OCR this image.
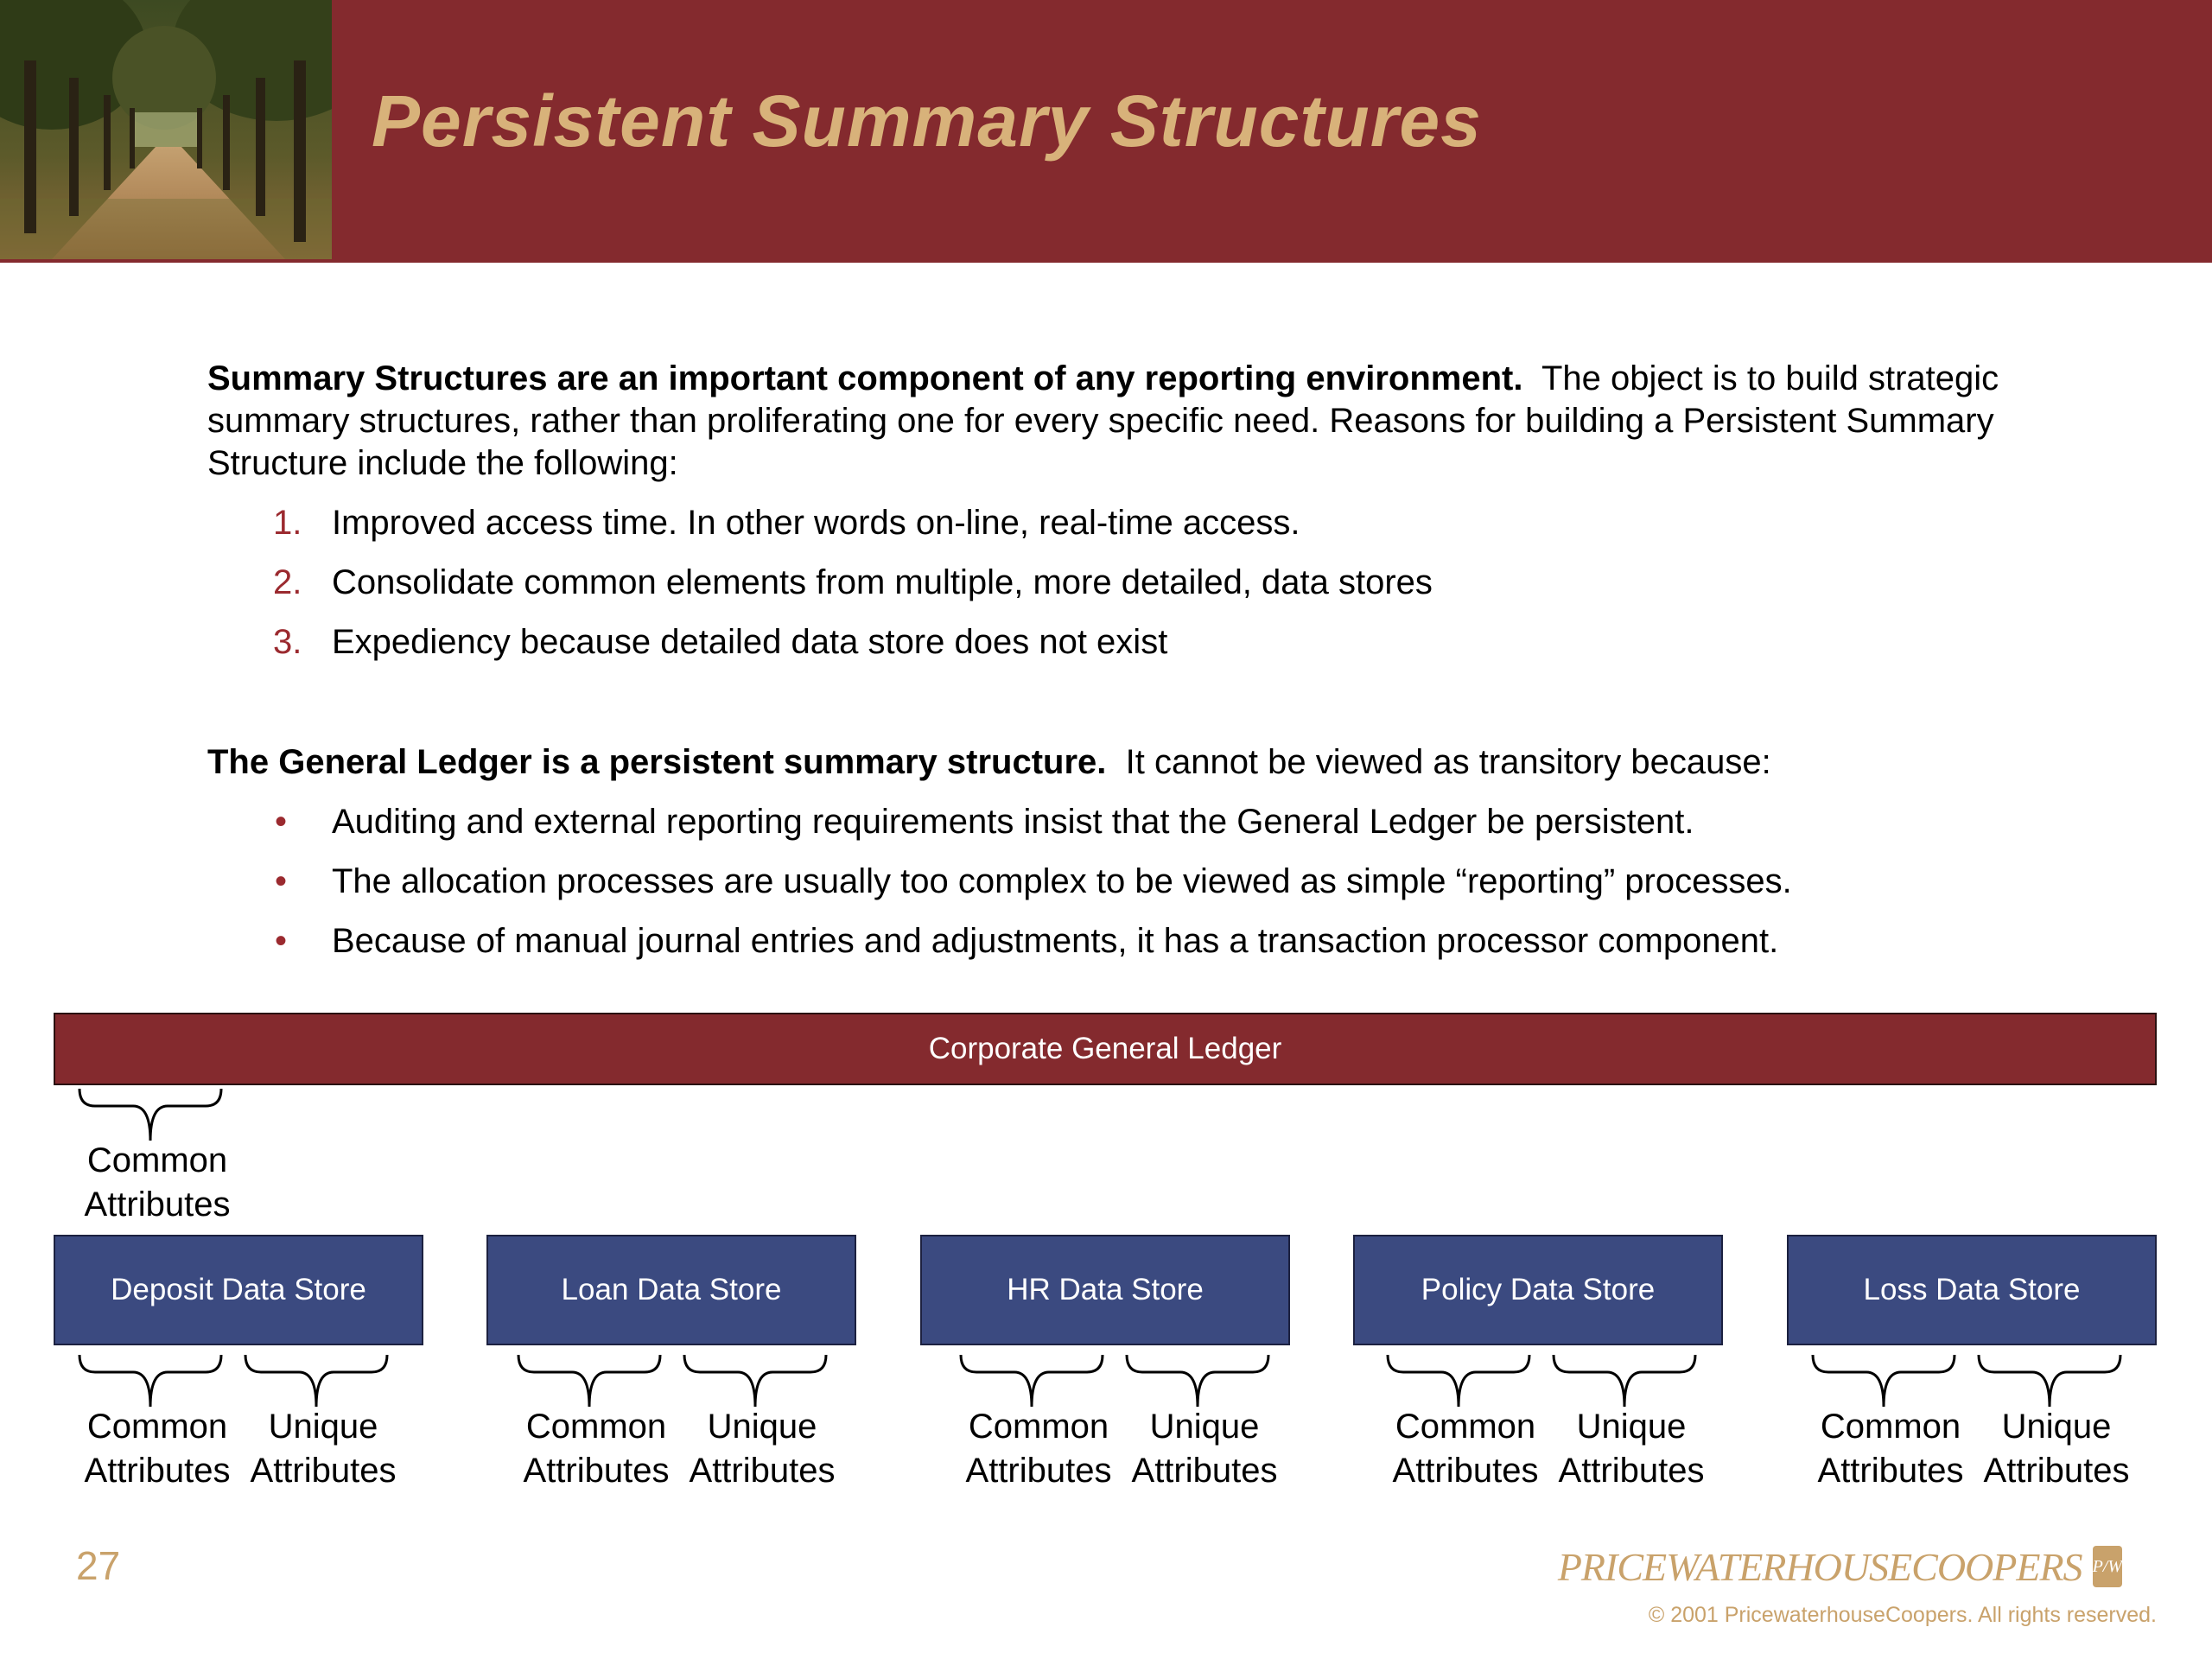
Persistent Summary Structures

Summary Structures are an important component of any reporting environment. The object is to build strategic summary structures, rather than proliferating one for every specific need. Reasons for building a Persistent Summary Structure include the following:

1. Improved access time. In other words on-line, real-time access.
2. Consolidate common elements from multiple, more detailed, data stores
3. Expediency because detailed data store does not exist

The General Ledger is a persistent summary structure. It cannot be viewed as transitory because:

• Auditing and external reporting requirements insist that the General Ledger be persistent.
• The allocation processes are usually too complex to be viewed as simple “reporting” processes.
• Because of manual journal entries and adjustments, it has a transaction processor component.
Corporate General Ledger
Common
Attributes
Deposit Data Store
Common
Attributes
Unique
Attributes
Loan Data Store
Common
Attributes
Unique
Attributes
HR Data Store
Common
Attributes
Unique
Attributes
Policy Data Store
Common
Attributes
Unique
Attributes
Loss Data Store
Common
Attributes
Unique
Attributes
27	PRICEWATERHOUSECOOPERS P/W
© 2001 PricewaterhouseCoopers. All rights reserved.
